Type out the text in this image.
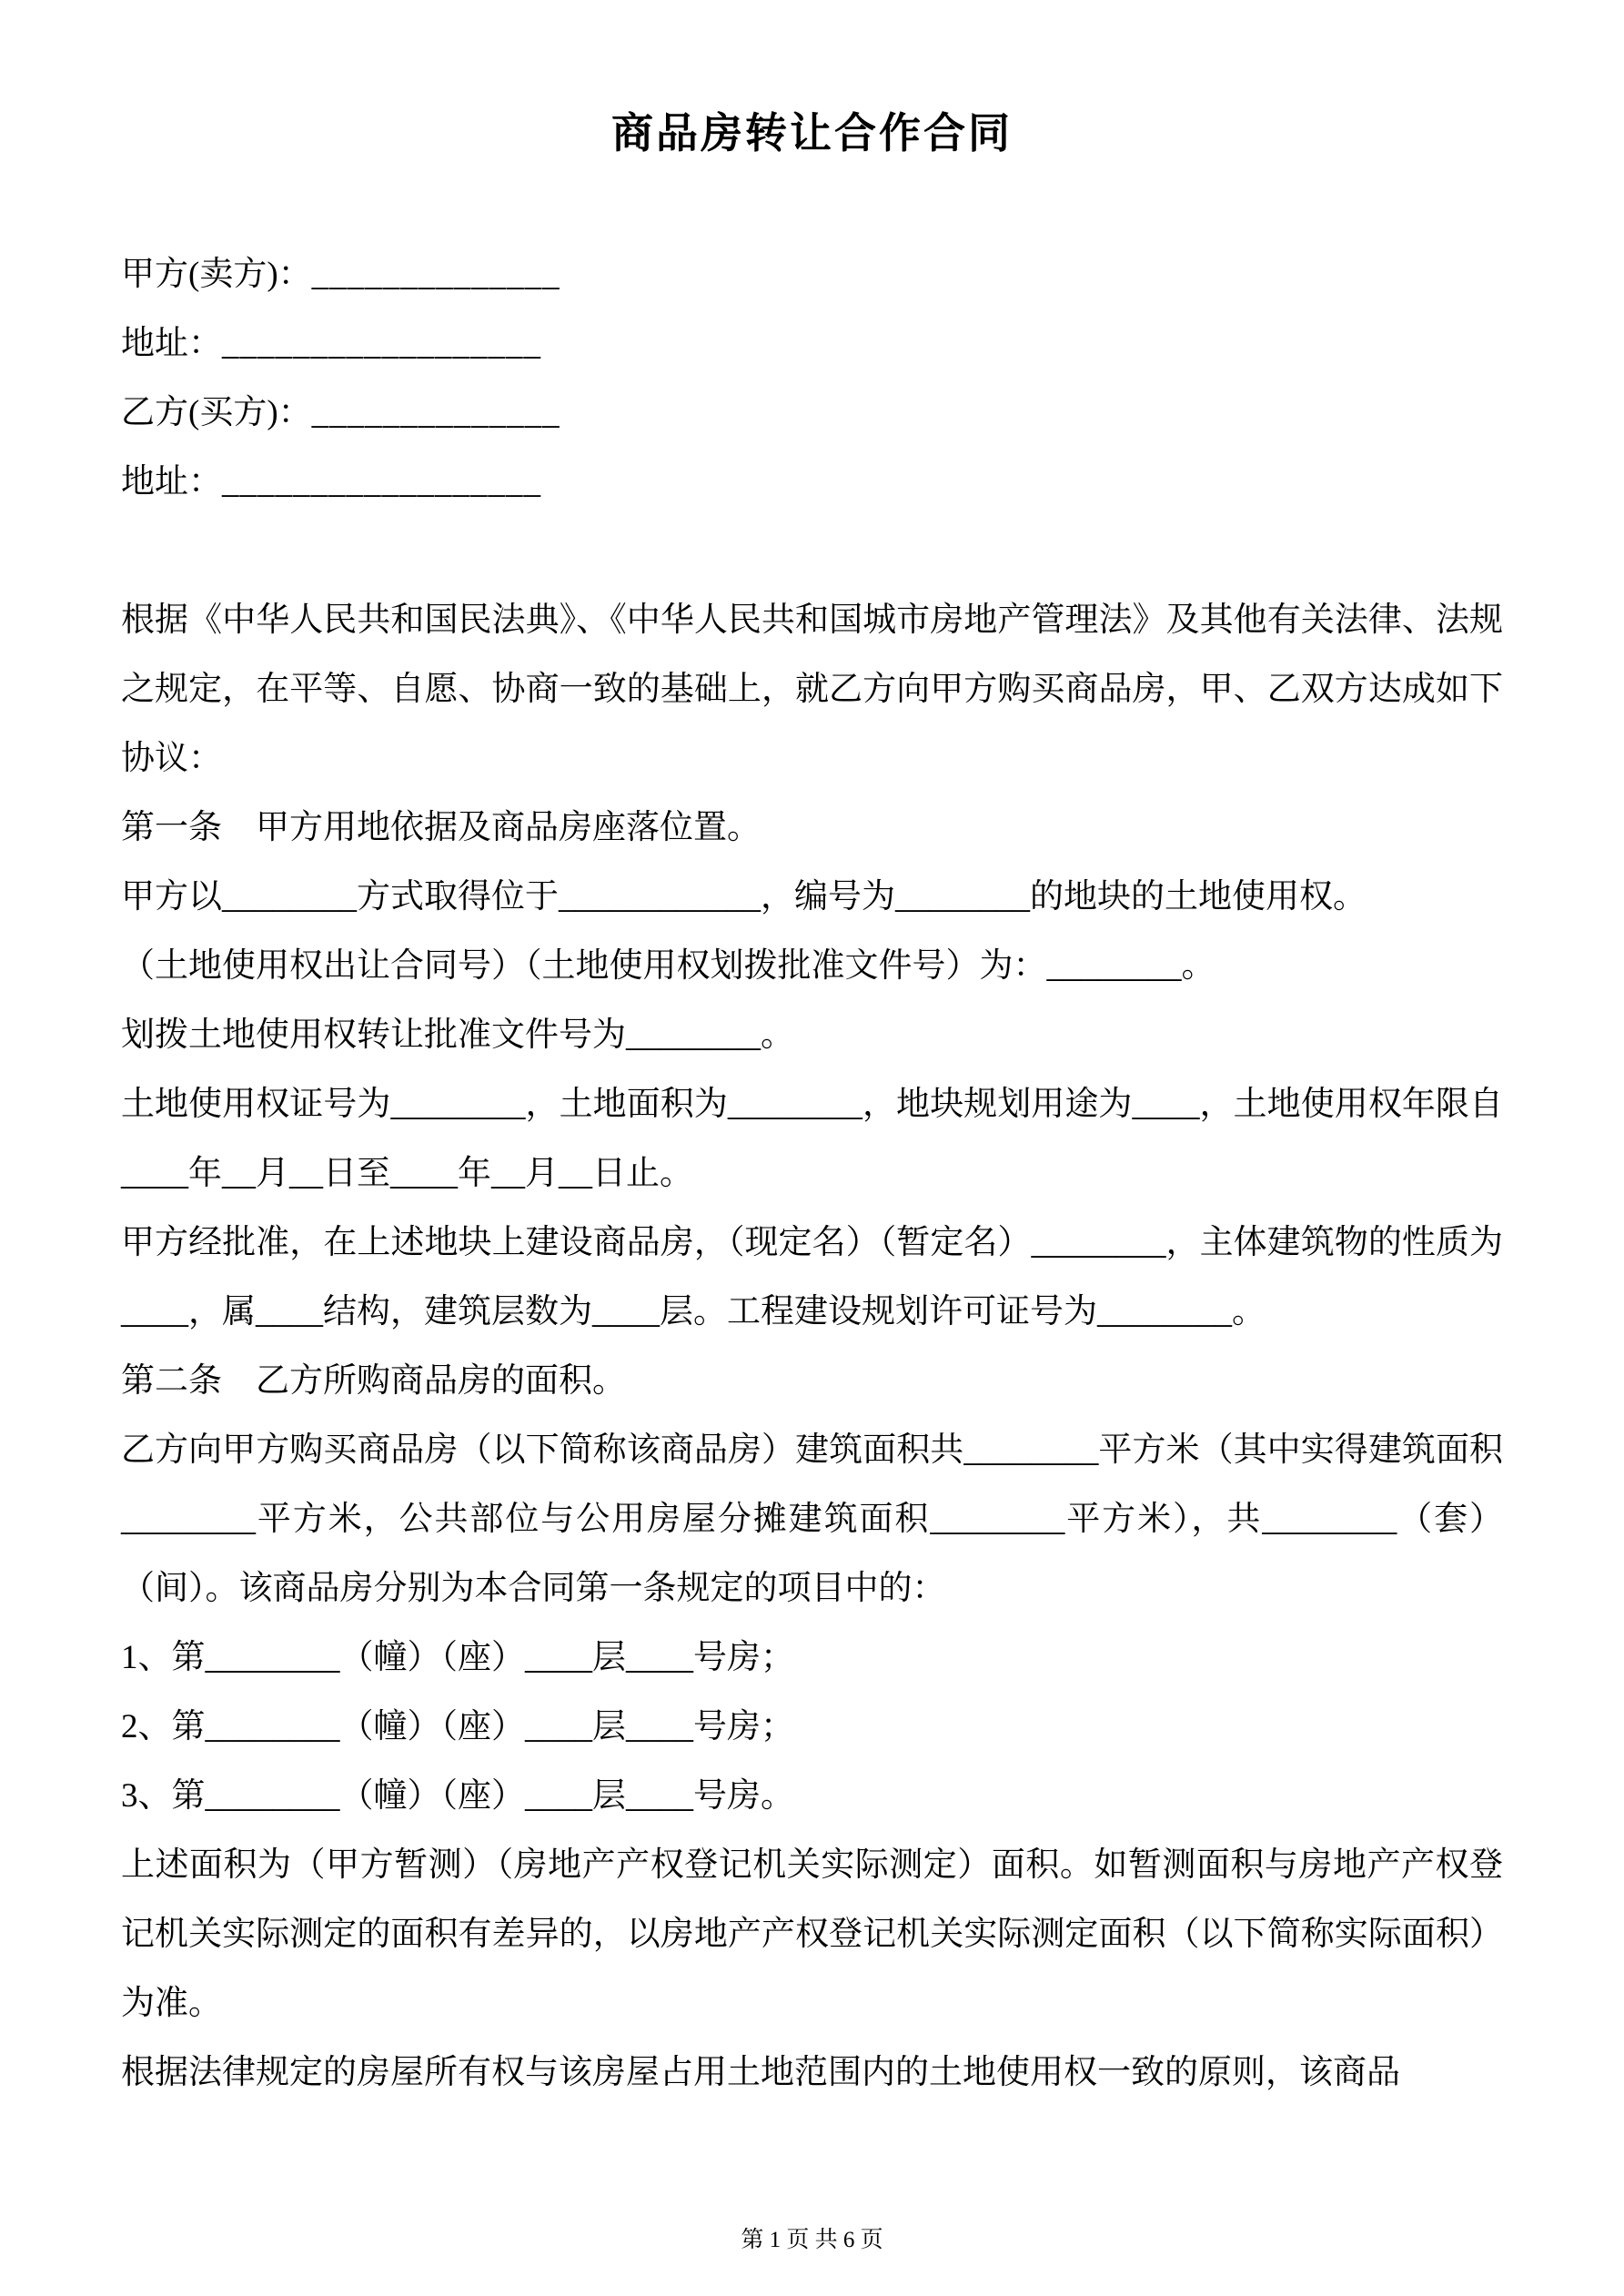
商品房转让合作合同
甲方(卖方)：______________
地址：__________________
乙方(买方)：______________
地址：__________________

根据《中华人民共和国民法典》、《中华人民共和国城市房地产管理法》及其他有关法律、法规之规定，在平等、自愿、协商一致的基础上，就乙方向甲方购买商品房，甲、乙双方达成如下协议：

第一条　甲方用地依据及商品房座落位置。

甲方以________方式取得位于____________，编号为________的地块的土地使用权。

（土地使用权出让合同号）（土地使用权划拨批准文件号）为：________。

划拨土地使用权转让批准文件号为________。

土地使用权证号为________，土地面积为________，地块规划用途为____，土地使用权年限自____年__月__日至____年__月__日止。

甲方经批准，在上述地块上建设商品房，（现定名）（暂定名）________，主体建筑物的性质为____，属____结构，建筑层数为____层。工程建设规划许可证号为________。

第二条　乙方所购商品房的面积。

乙方向甲方购买商品房（以下简称该商品房）建筑面积共________平方米（其中实得建筑面积________平方米，公共部位与公用房屋分摊建筑面积________平方米），共________（套）（间）。该商品房分别为本合同第一条规定的项目中的：

1、第________（幢）（座）____层____号房；

2、第________（幢）（座）____层____号房；

3、第________（幢）（座）____层____号房。

上述面积为（甲方暂测）（房地产产权登记机关实际测定）面积。如暂测面积与房地产产权登记机关实际测定的面积有差异的，以房地产产权登记机关实际测定面积（以下简称实际面积）为准。

根据法律规定的房屋所有权与该房屋占用土地范围内的土地使用权一致的原则，该商品

第 1 页 共 6 页
